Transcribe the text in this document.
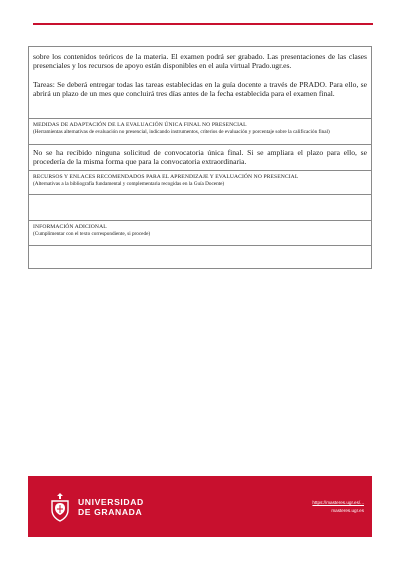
sobre los contenidos teóricos de la materia. El examen podrá ser grabado. Las presentaciones de las clases presenciales y los recursos de apoyo están disponibles en el aula virtual Prado.ugr.es.

Tareas: Se deberá entregar todas las tareas establecidas en la guía docente a través de PRADO. Para ello, se abrirá un plazo de un mes que concluirá tres días antes de la fecha establecida para el examen final.

MEDIDAS DE ADAPTACIÓN DE LA EVALUACIÓN ÚNICA FINAL NO PRESENCIAL

(Herramientas alternativas de evaluación no presencial, indicando instrumentos, criterios de evaluación y porcentaje sobre la calificación final)

No se ha recibido ninguna solicitud de convocatoria única final. Si se ampliara el plazo para ello, se procedería de la misma forma que para la convocatoria extraordinaria.

RECURSOS Y ENLACES RECOMENDADOS PARA EL APRENDIZAJE Y EVALUACIÓN NO PRESENCIAL

(Alternativas a la bibliografía fundamental y complementaria recogidas en la Guía Docente)

INFORMACIÓN ADICIONAL

(Cumplimentar con el texto correspondiente, si procede)

UNIVERSIDAD
DE GRANADA
https://masteres.ugr.es/...
masteres.ugr.es
